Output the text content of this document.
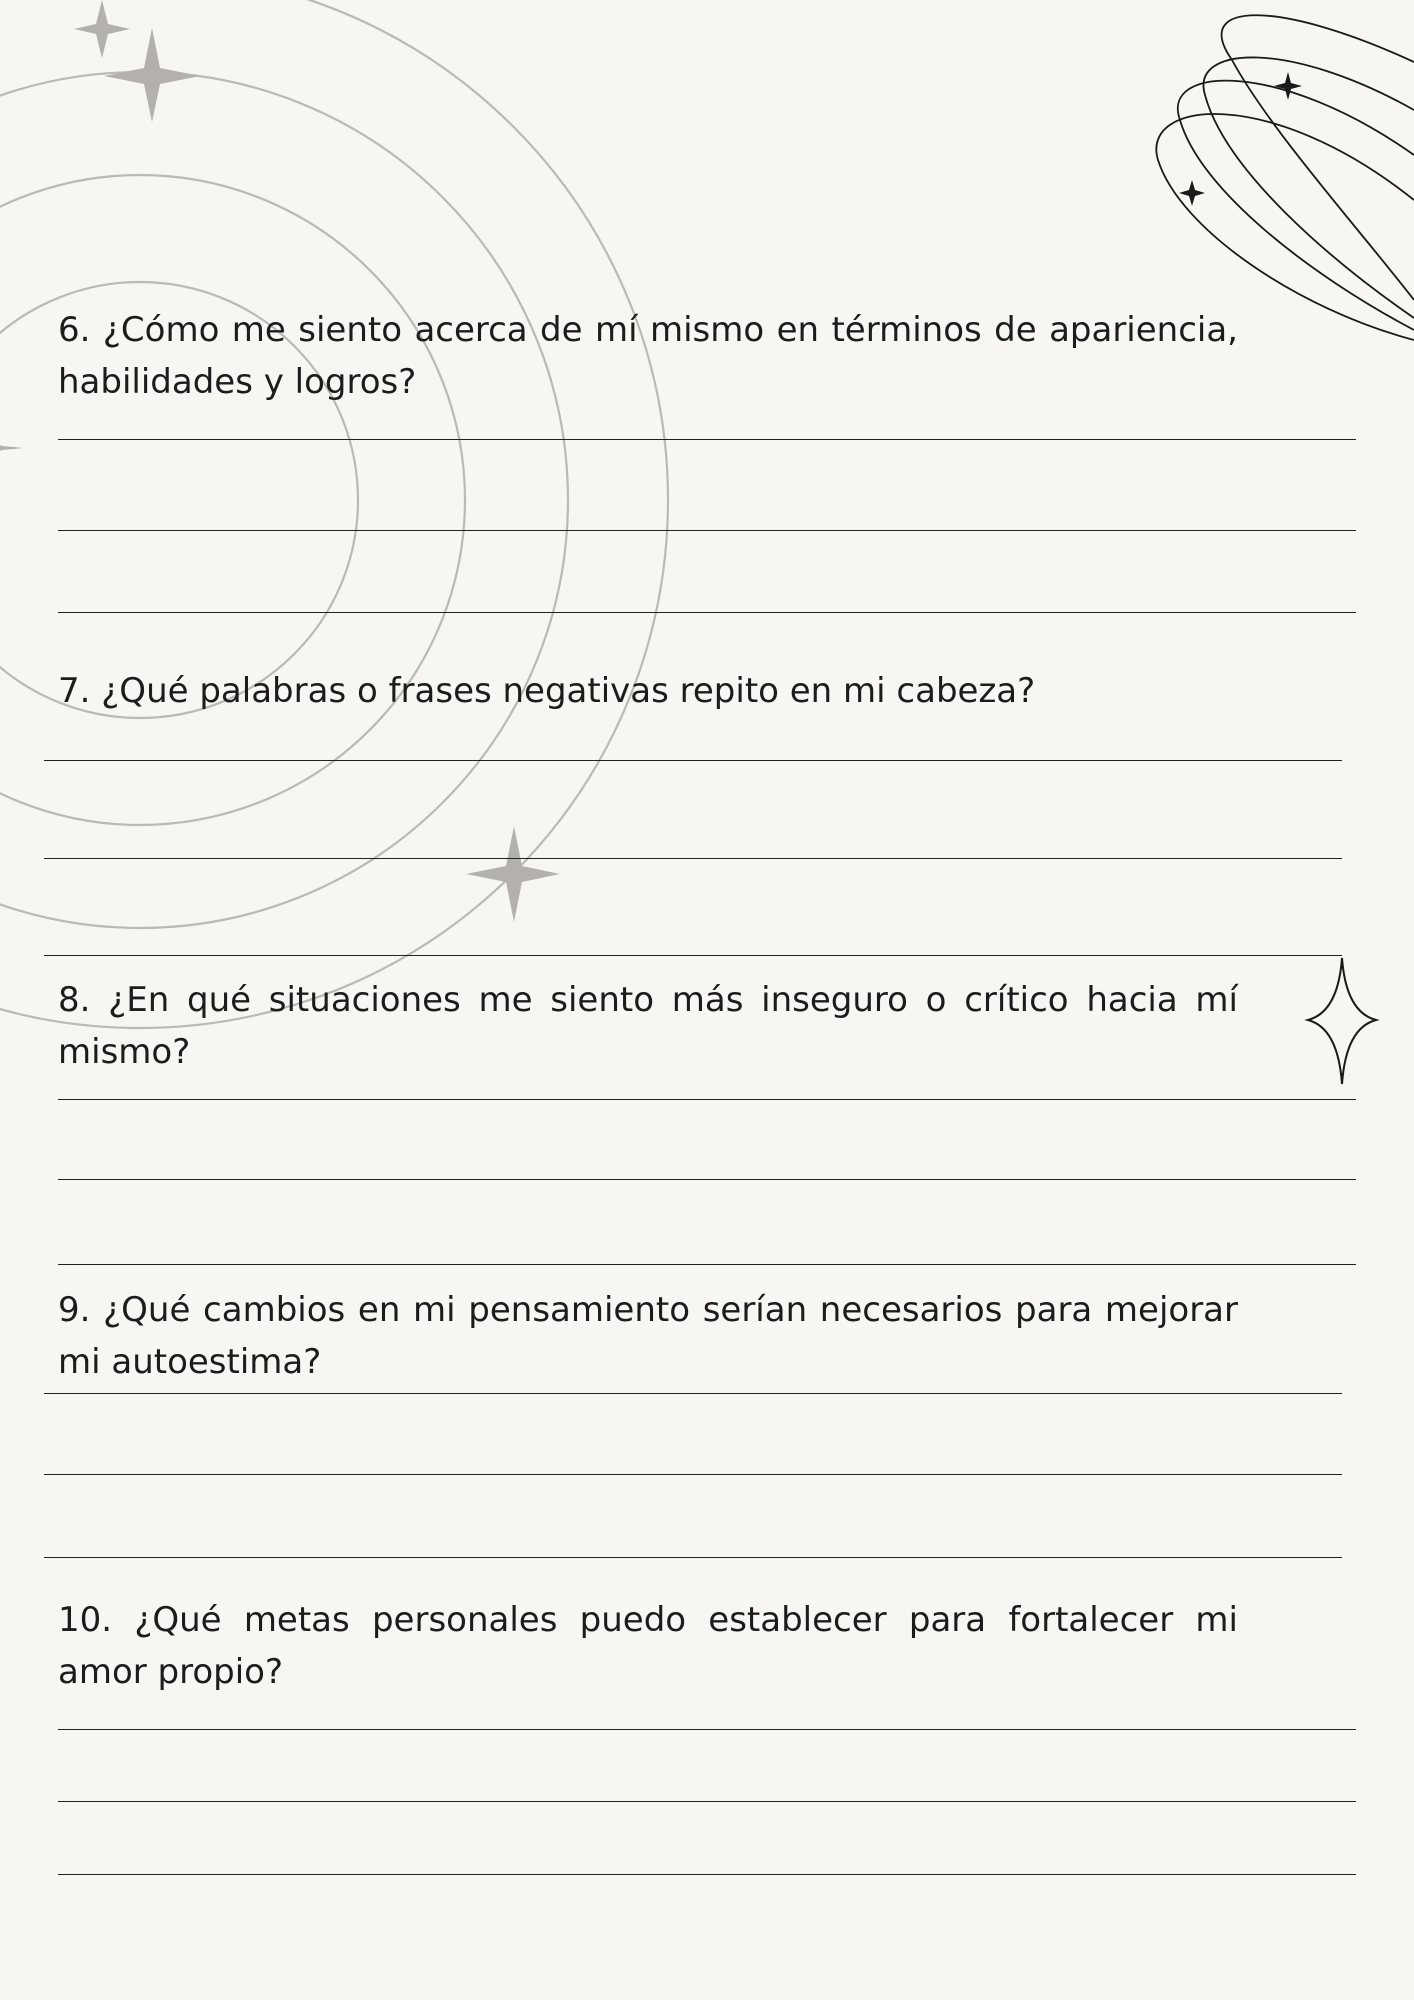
6. ¿Cómo me siento acerca de mí mismo en términos de apariencia, habilidades y logros?
7. ¿Qué palabras o frases negativas repito en mi cabeza?
8. ¿En qué situaciones me siento más inseguro o crítico hacia mí mismo?
9. ¿Qué cambios en mi pensamiento serían necesarios para mejorar mi autoestima?
10. ¿Qué metas personales puedo establecer para fortalecer mi amor propio?
